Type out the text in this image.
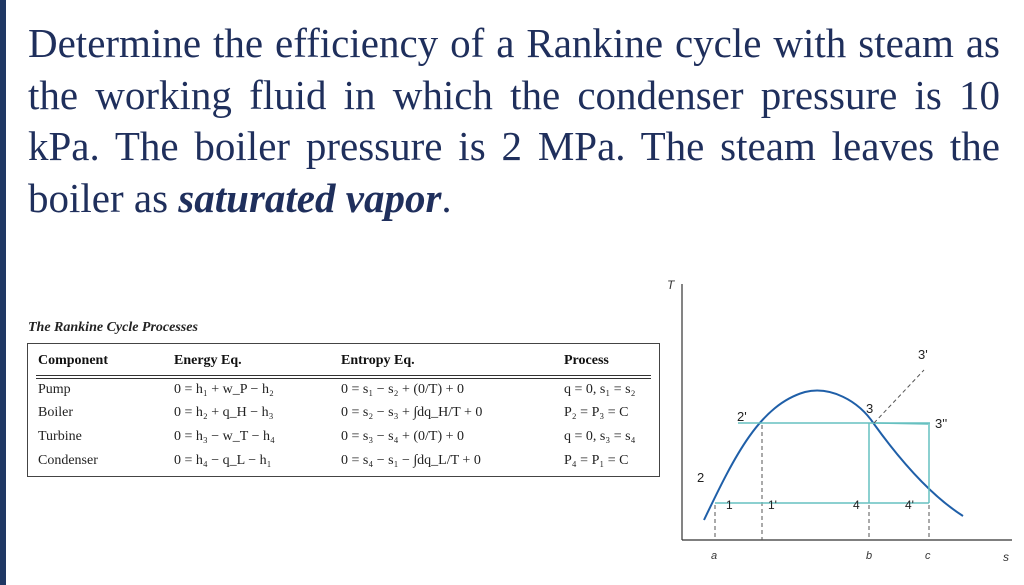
Determine the efficiency of a Rankine cycle with steam as the working fluid in which the condenser pressure is 10 kPa. The boiler pressure is 2 MPa. The steam leaves the boiler as saturated vapor.
The Rankine Cycle Processes
Component	Energy Eq.	Entropy Eq.	Process
Pump	0 = h₁ + w_P − h₂	0 = s₁ − s₂ + (0/T) + 0	q = 0, s₁ = s₂
Boiler	0 = h₂ + q_H − h₃	0 = s₂ − s₃ + ∫dq_H/T + 0	P₂ = P₃ = C
Turbine	0 = h₃ − w_T − h₄	0 = s₃ − s₄ + (0/T) + 0	q = 0, s₃ = s₄
Condenser	0 = h₄ − q_L − h₁	0 = s₄ − s₁ − ∫dq_L/T + 0	P₄ = P₁ = C
T
s
1	1'
2
2'
3
3'
3''
4	4'
a	b	c
